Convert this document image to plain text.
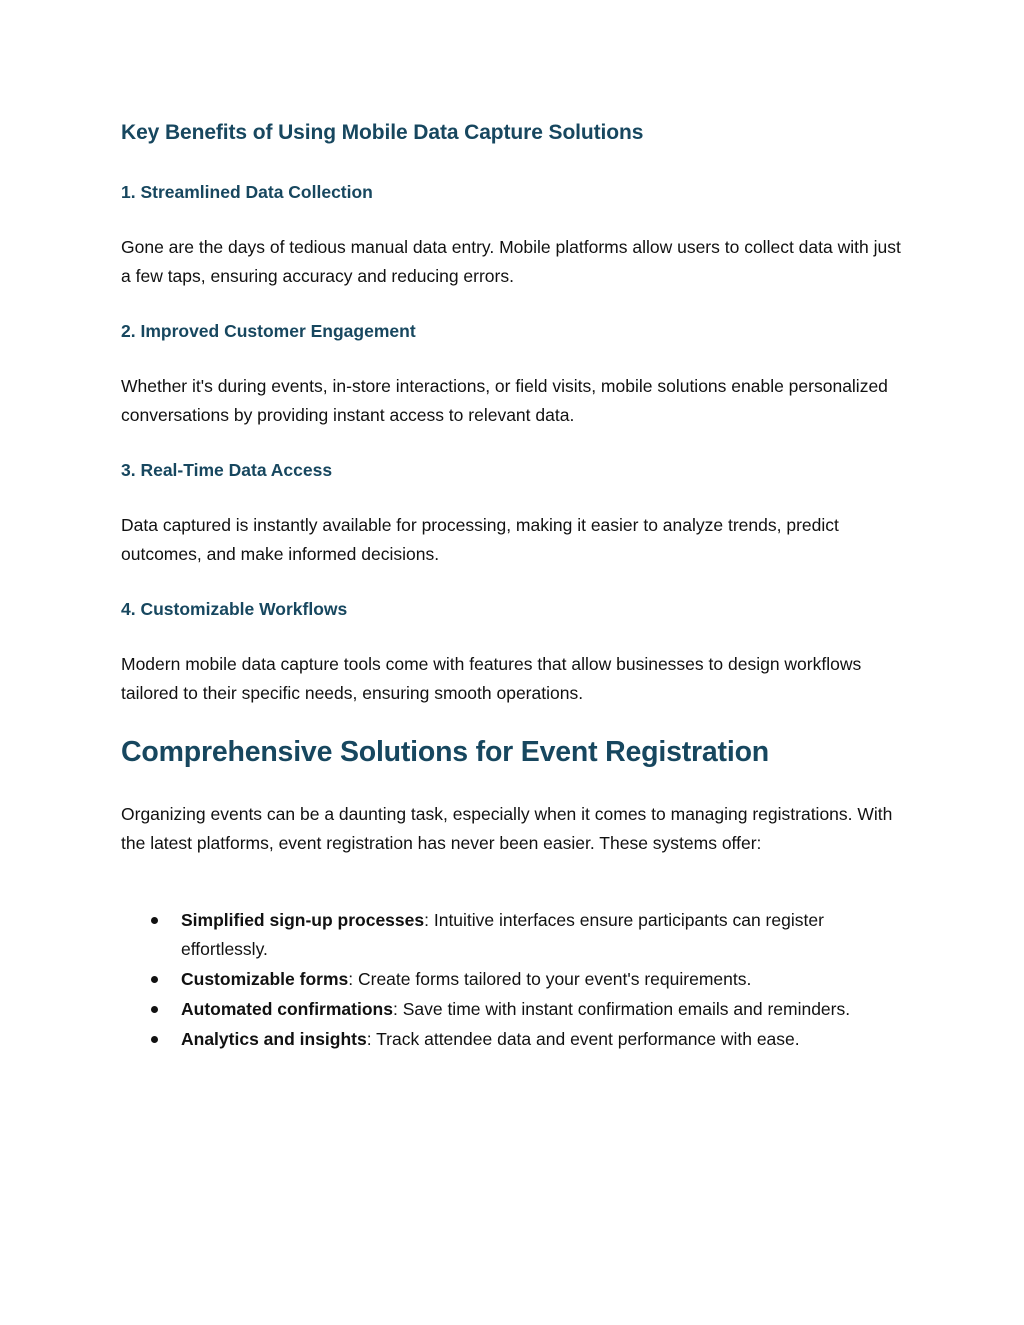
Key Benefits of Using Mobile Data Capture Solutions
1. Streamlined Data Collection

Gone are the days of tedious manual data entry. Mobile platforms allow users to collect data with just a few taps, ensuring accuracy and reducing errors.

2. Improved Customer Engagement

Whether it's during events, in-store interactions, or field visits, mobile solutions enable personalized conversations by providing instant access to relevant data.

3. Real-Time Data Access

Data captured is instantly available for processing, making it easier to analyze trends, predict outcomes, and make informed decisions.

4. Customizable Workflows

Modern mobile data capture tools come with features that allow businesses to design workflows tailored to their specific needs, ensuring smooth operations.

Comprehensive Solutions for Event Registration

Organizing events can be a daunting task, especially when it comes to managing registrations. With the latest platforms, event registration has never been easier. These systems offer:

Simplified sign-up processes: Intuitive interfaces ensure participants can register effortlessly.
Customizable forms: Create forms tailored to your event's requirements.
Automated confirmations: Save time with instant confirmation emails and reminders.
Analytics and insights: Track attendee data and event performance with ease.
